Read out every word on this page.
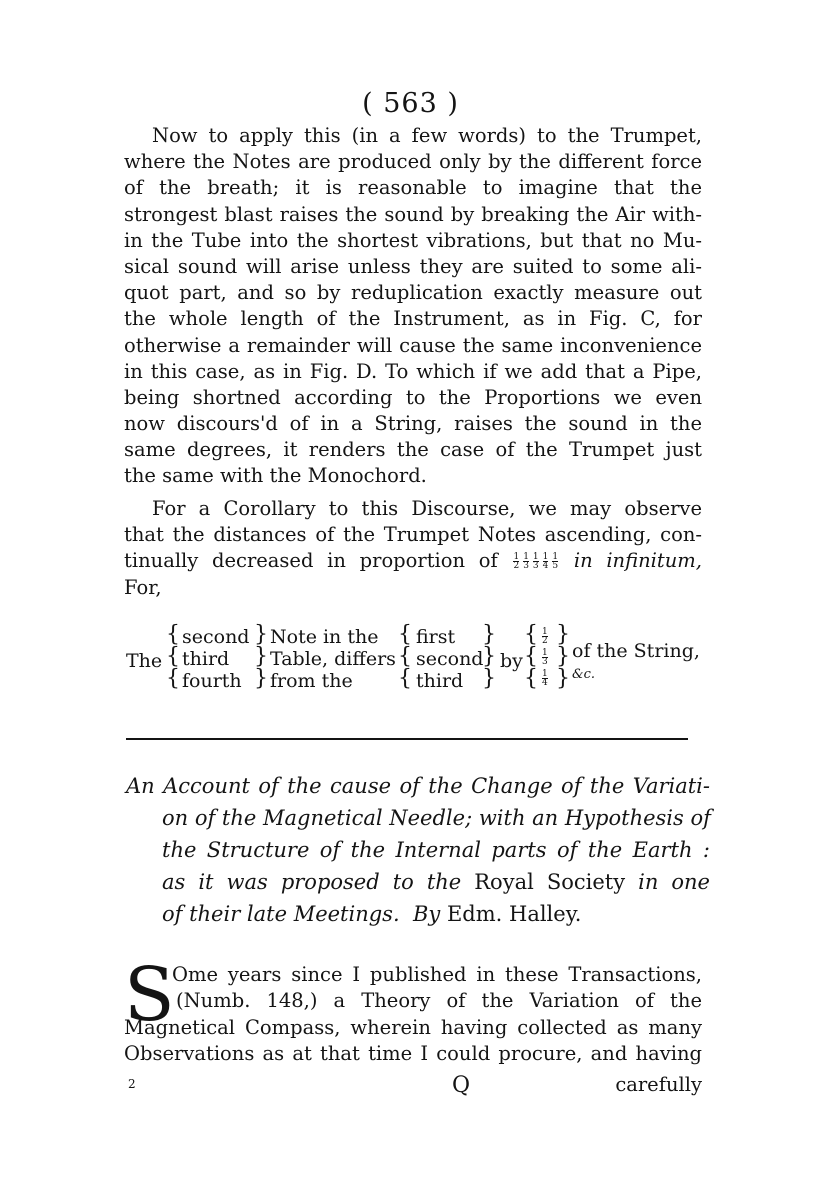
( 563 )
Now to apply this (in a few words) to the Trumpet,
where the Notes are produced only by the different force
of the breath; it is reasonable to imagine that the
strongest blast raises the sound by breaking the Air with-
in the Tube into the shortest vibrations, but that no Mu-
sical sound will arise unless they are suited to some ali-
quot part, and so by reduplication exactly measure out
the whole length of the Instrument, as in Fig. C, for
otherwise a remainder will cause the same inconvenience
in this case, as in Fig. D. To which if we add that a Pipe,
being shortned according to the Proportions we even
now discours'd of in a String, raises the sound in the
same degrees, it renders the case of the Trumpet just
the same with the Monochord.
For a Corollary to this Discourse, we may observe
that the distances of the Trumpet Notes ascending, con-
tinually decreased in proportion of $\frac{1}{2} \frac{1}{3} \frac{1}{3} \frac{1}{4} \frac{1}{5}$ in infinitum,
For,
The
{
{
{
second
third
fourth
}
}
}
Note in the
Table, differs
from the
{
{
{
first
second
third
}
}
}
by
{
{
{
1
2
1
3
1
4
}
}
}
of the String,
&c.
An Account of the cause of the Change of the Variati-
on of the Magnetical Needle; with an Hypothesis of
the Structure of the Internal parts of the Earth :
as it was proposed to the Royal Society in one
of their late Meetings. By Edm. Halley.
S
Ome years since I published in these Transactions,
(Numb. 148,) a Theory of the Variation of the
Magnetical Compass, wherein having collected as many
Observations as at that time I could procure, and having
2	Q	carefully
